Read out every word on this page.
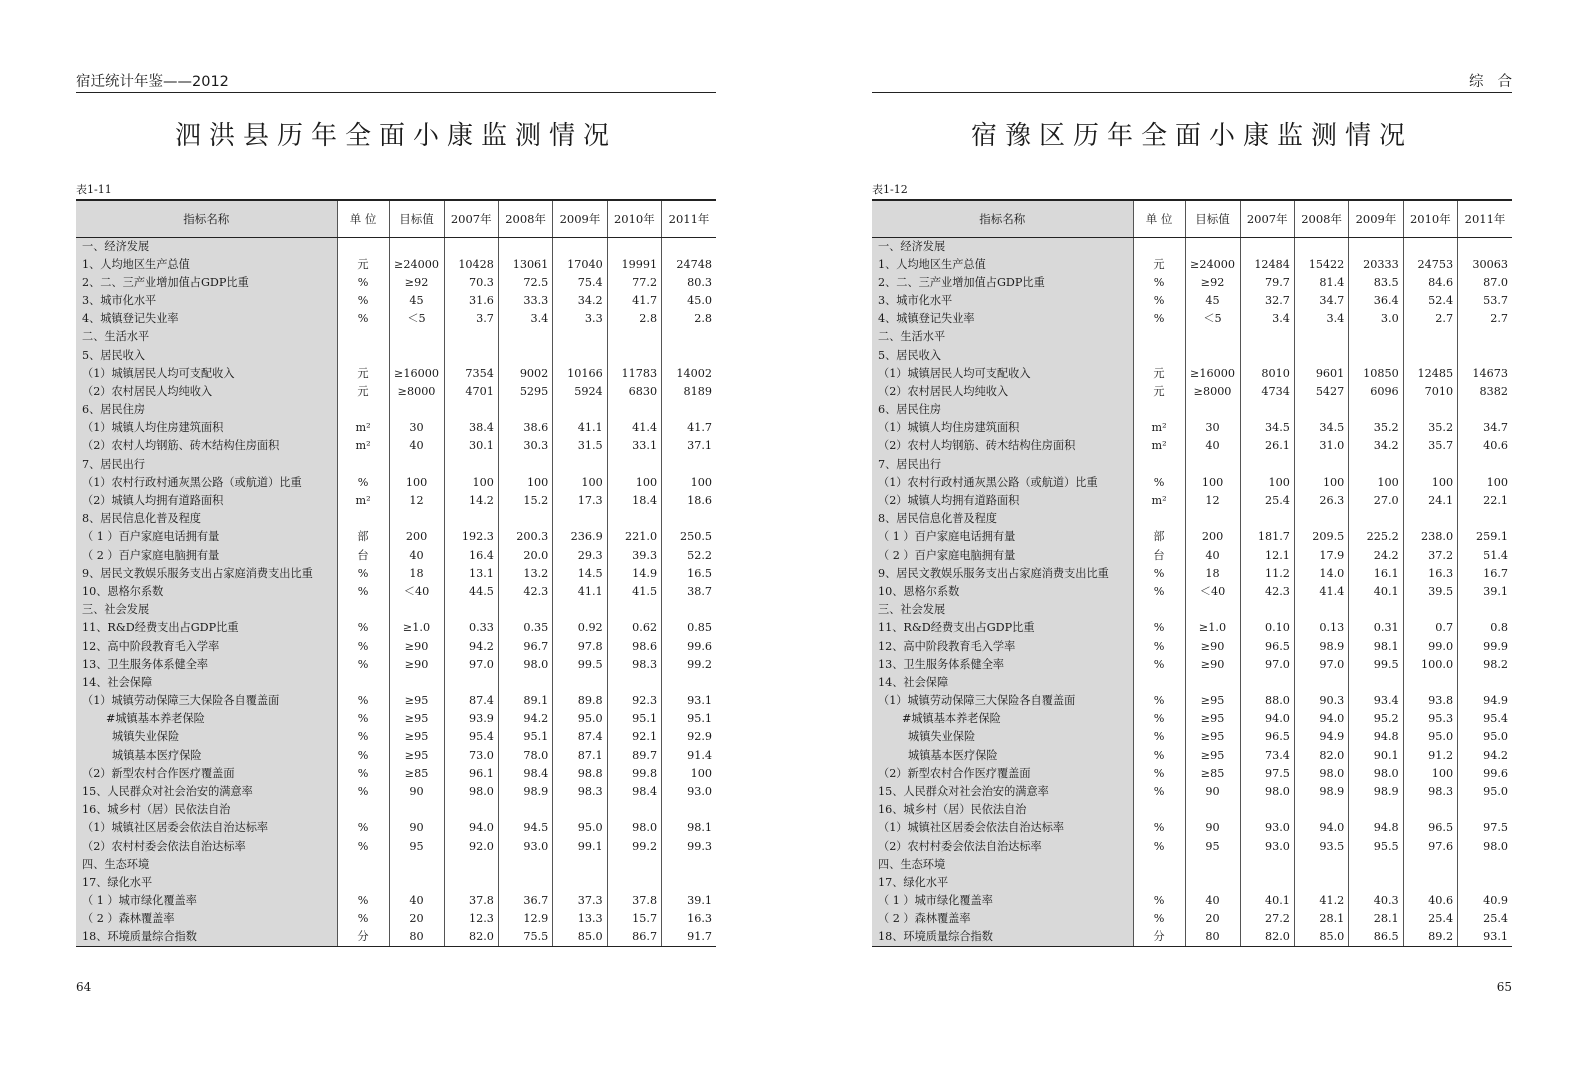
宿迁统计年鉴——2012
泗洪县历年全面小康监测情况
表1-11
指标名称	单 位	目标值	2007年	2008年	2009年	2010年	2011年
一、经济发展							
1、人均地区生产总值	元	≥24000	10428	13061	17040	19991	24748
2、二、三产业增加值占GDP比重	%	≥92	70.3	72.5	75.4	77.2	80.3
3、城市化水平	%	45	31.6	33.3	34.2	41.7	45.0
4、城镇登记失业率	%	＜5	3.7	3.4	3.3	2.8	2.8
二、生活水平							
5、居民收入							
（1）城镇居民人均可支配收入	元	≥16000	7354	9002	10166	11783	14002
（2）农村居民人均纯收入	元	≥8000	4701	5295	5924	6830	8189
6、居民住房							
（1）城镇人均住房建筑面积	m²	30	38.4	38.6	41.1	41.4	41.7
（2）农村人均钢筋、砖木结构住房面积	m²	40	30.1	30.3	31.5	33.1	37.1
7、居民出行							
（1）农村行政村通灰黑公路（或航道）比重	%	100	100	100	100	100	100
（2）城镇人均拥有道路面积	m²	12	14.2	15.2	17.3	18.4	18.6
8、居民信息化普及程度							
（ 1 ）百户家庭电话拥有量	部	200	192.3	200.3	236.9	221.0	250.5
（ 2 ）百户家庭电脑拥有量	台	40	16.4	20.0	29.3	39.3	52.2
9、居民文教娱乐服务支出占家庭消费支出比重	%	18	13.1	13.2	14.5	14.9	16.5
10、恩格尔系数	%	＜40	44.5	42.3	41.1	41.5	38.7
三、社会发展							
11、R&D经费支出占GDP比重	%	≥1.0	0.33	0.35	0.92	0.62	0.85
12、高中阶段教育毛入学率	%	≥90	94.2	96.7	97.8	98.6	99.6
13、卫生服务体系健全率	%	≥90	97.0	98.0	99.5	98.3	99.2
14、社会保障							
（1）城镇劳动保障三大保险各自覆盖面	%	≥95	87.4	89.1	89.8	92.3	93.1
#城镇基本养老保险	%	≥95	93.9	94.2	95.0	95.1	95.1
城镇失业保险	%	≥95	95.4	95.1	87.4	92.1	92.9
城镇基本医疗保险	%	≥95	73.0	78.0	87.1	89.7	91.4
（2）新型农村合作医疗覆盖面	%	≥85	96.1	98.4	98.8	99.8	100
15、人民群众对社会治安的满意率	%	90	98.0	98.9	98.3	98.4	93.0
16、城乡村（居）民依法自治							
（1）城镇社区居委会依法自治达标率	%	90	94.0	94.5	95.0	98.0	98.1
（2）农村村委会依法自治达标率	%	95	92.0	93.0	99.1	99.2	99.3
四、生态环境							
17、绿化水平							
（ 1 ）城市绿化覆盖率	%	40	37.8	36.7	37.3	37.8	39.1
（ 2 ）森林覆盖率	%	20	12.3	12.9	13.3	15.7	16.3
18、环境质量综合指数	分	80	82.0	75.5	85.0	86.7	91.7
64
综合
宿豫区历年全面小康监测情况
表1-12
指标名称	单 位	目标值	2007年	2008年	2009年	2010年	2011年
一、经济发展							
1、人均地区生产总值	元	≥24000	12484	15422	20333	24753	30063
2、二、三产业增加值占GDP比重	%	≥92	79.7	81.4	83.5	84.6	87.0
3、城市化水平	%	45	32.7	34.7	36.4	52.4	53.7
4、城镇登记失业率	%	＜5	3.4	3.4	3.0	2.7	2.7
二、生活水平							
5、居民收入							
（1）城镇居民人均可支配收入	元	≥16000	8010	9601	10850	12485	14673
（2）农村居民人均纯收入	元	≥8000	4734	5427	6096	7010	8382
6、居民住房							
（1）城镇人均住房建筑面积	m²	30	34.5	34.5	35.2	35.2	34.7
（2）农村人均钢筋、砖木结构住房面积	m²	40	26.1	31.0	34.2	35.7	40.6
7、居民出行							
（1）农村行政村通灰黑公路（或航道）比重	%	100	100	100	100	100	100
（2）城镇人均拥有道路面积	m²	12	25.4	26.3	27.0	24.1	22.1
8、居民信息化普及程度							
（ 1 ）百户家庭电话拥有量	部	200	181.7	209.5	225.2	238.0	259.1
（ 2 ）百户家庭电脑拥有量	台	40	12.1	17.9	24.2	37.2	51.4
9、居民文教娱乐服务支出占家庭消费支出比重	%	18	11.2	14.0	16.1	16.3	16.7
10、恩格尔系数	%	＜40	42.3	41.4	40.1	39.5	39.1
三、社会发展							
11、R&D经费支出占GDP比重	%	≥1.0	0.10	0.13	0.31	0.7	0.8
12、高中阶段教育毛入学率	%	≥90	96.5	98.9	98.1	99.0	99.9
13、卫生服务体系健全率	%	≥90	97.0	97.0	99.5	100.0	98.2
14、社会保障							
（1）城镇劳动保障三大保险各自覆盖面	%	≥95	88.0	90.3	93.4	93.8	94.9
#城镇基本养老保险	%	≥95	94.0	94.0	95.2	95.3	95.4
城镇失业保险	%	≥95	96.5	94.9	94.8	95.0	95.0
城镇基本医疗保险	%	≥95	73.4	82.0	90.1	91.2	94.2
（2）新型农村合作医疗覆盖面	%	≥85	97.5	98.0	98.0	100	99.6
15、人民群众对社会治安的满意率	%	90	98.0	98.9	98.9	98.3	95.0
16、城乡村（居）民依法自治							
（1）城镇社区居委会依法自治达标率	%	90	93.0	94.0	94.8	96.5	97.5
（2）农村村委会依法自治达标率	%	95	93.0	93.5	95.5	97.6	98.0
四、生态环境							
17、绿化水平							
（ 1 ）城市绿化覆盖率	%	40	40.1	41.2	40.3	40.6	40.9
（ 2 ）森林覆盖率	%	20	27.2	28.1	28.1	25.4	25.4
18、环境质量综合指数	分	80	82.0	85.0	86.5	89.2	93.1
65
